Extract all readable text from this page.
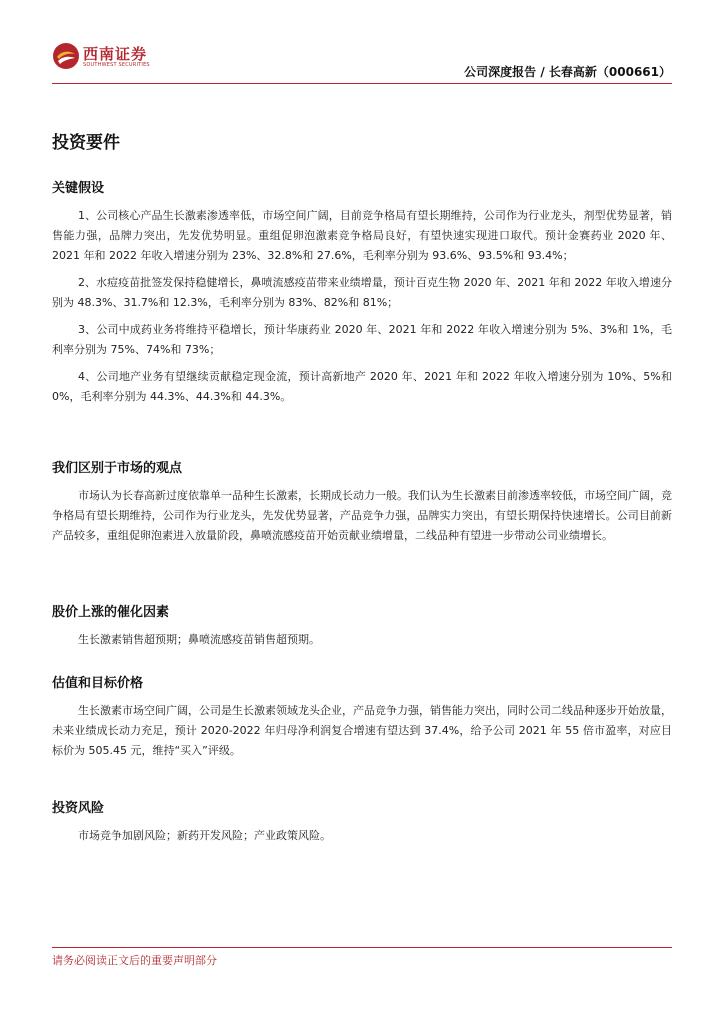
西南证券
SOUTHWEST SECURITIES	公司深度报告 / 长春高新（000661）
投资要件
关键假设

1、公司核心产品生长激素渗透率低，市场空间广阔，目前竞争格局有望长期维持，公司作为行业龙头，剂型优势显著，销售能力强，品牌力突出，先发优势明显。重组促卵泡激素竞争格局良好，有望快速实现进口取代。预计金赛药业 2020 年、2021 年和 2022 年收入增速分别为 23%、32.8%和 27.6%，毛利率分别为 93.6%、93.5%和 93.4%；

2、水痘疫苗批签发保持稳健增长，鼻喷流感疫苗带来业绩增量，预计百克生物 2020 年、2021 年和 2022 年收入增速分别为 48.3%、31.7%和 12.3%，毛利率分别为 83%、82%和 81%；

3、公司中成药业务将维持平稳增长，预计华康药业 2020 年、2021 年和 2022 年收入增速分别为 5%、3%和 1%，毛利率分别为 75%、74%和 73%；

4、公司地产业务有望继续贡献稳定现金流，预计高新地产 2020 年、2021 年和 2022 年收入增速分别为 10%、5%和 0%，毛利率分别为 44.3%、44.3%和 44.3%。

我们区别于市场的观点

市场认为长春高新过度依靠单一品种生长激素，长期成长动力一般。我们认为生长激素目前渗透率较低，市场空间广阔，竞争格局有望长期维持，公司作为行业龙头，先发优势显著，产品竞争力强，品牌实力突出，有望长期保持快速增长。公司目前新产品较多，重组促卵泡素进入放量阶段，鼻喷流感疫苗开始贡献业绩增量，二线品种有望进一步带动公司业绩增长。

股价上涨的催化因素

生长激素销售超预期；鼻喷流感疫苗销售超预期。

估值和目标价格

生长激素市场空间广阔，公司是生长激素领域龙头企业，产品竞争力强，销售能力突出，同时公司二线品种逐步开始放量，未来业绩成长动力充足，预计 2020-2022 年归母净利润复合增速有望达到 37.4%，给予公司 2021 年 55 倍市盈率，对应目标价为 505.45 元，维持“买入”评级。

投资风险

市场竞争加剧风险；新药开发风险；产业政策风险。

请务必阅读正文后的重要声明部分
